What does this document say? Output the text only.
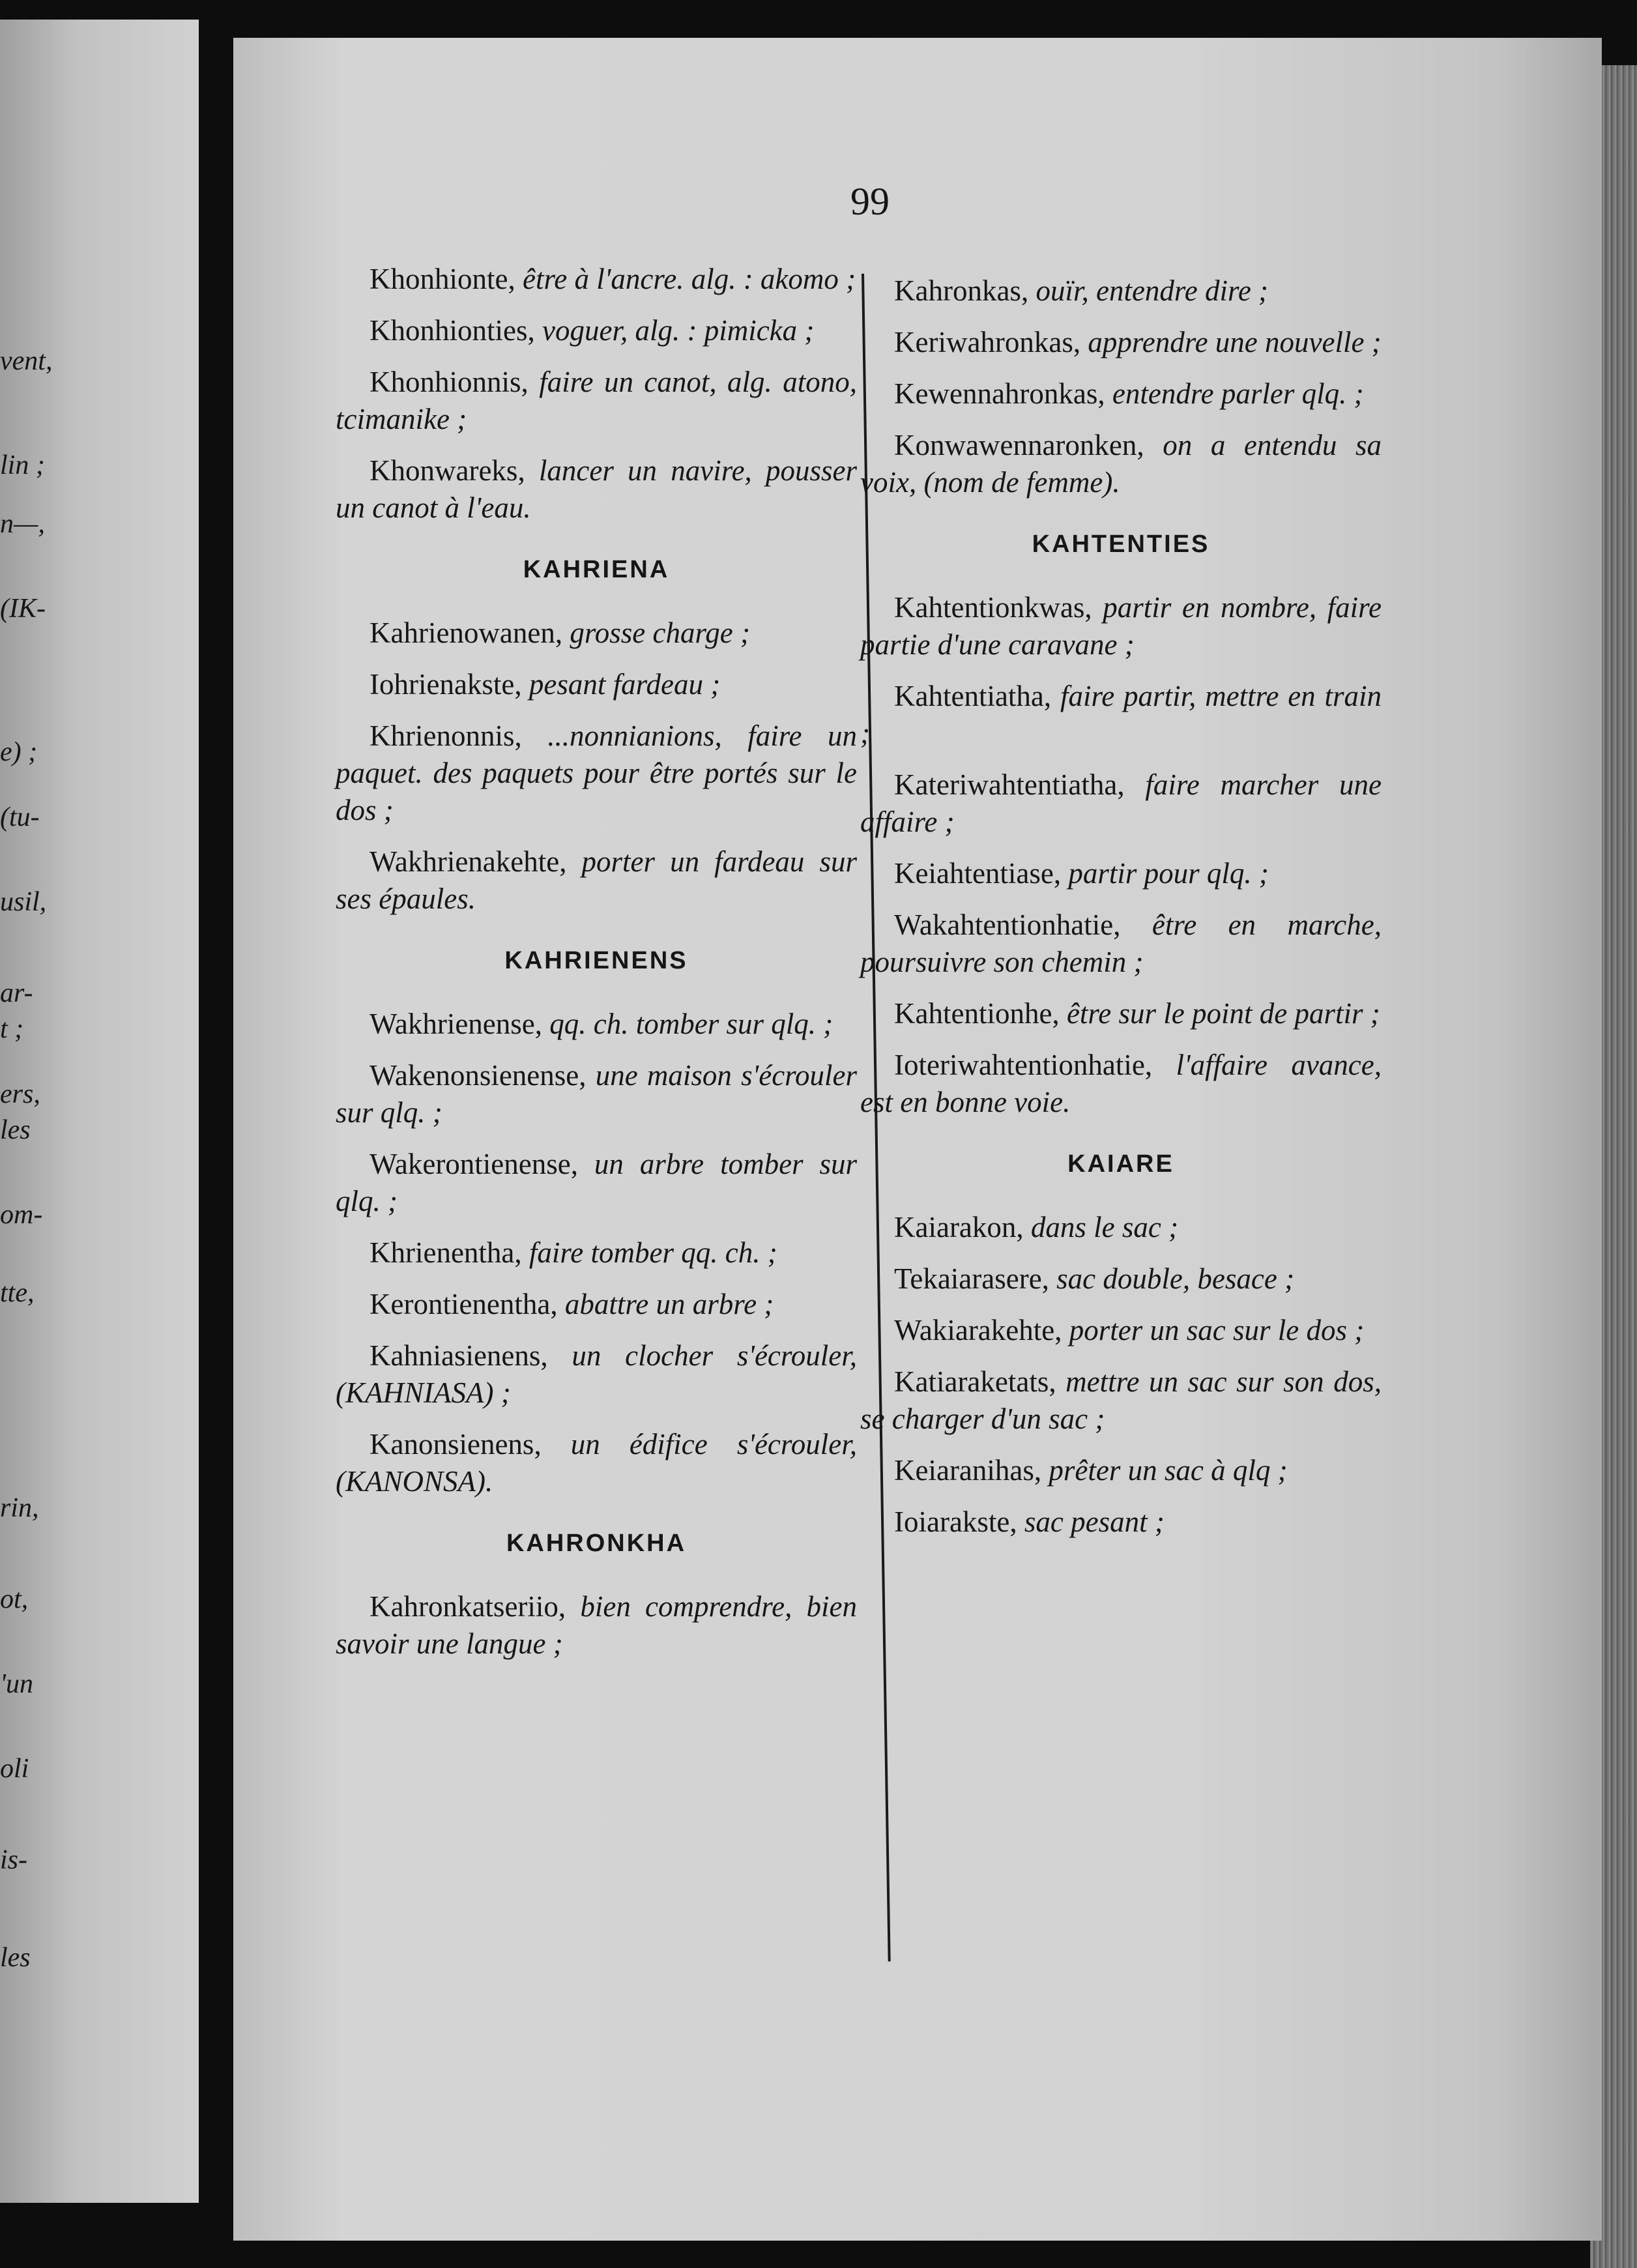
vent,
lin ;
n—,
(IK-
e) ;
(tu-
usil,
ar-
t ;
ers,
les
om-
tte,
rin,
ot,
'un
oli
is-
les
99
Khonhionte, être à l'ancre. alg. : akomo ;
Khonhionties, voguer, alg. : pimicka ;
Khonhionnis, faire un canot, alg. atono, tcimanike ;
Khonwareks, lancer un navire, pousser un canot à l'eau.
KAHRIENA
Kahrienowanen, grosse charge ;
Iohrienakste, pesant fardeau ;
Khrienonnis, ...nonnianions, faire un paquet. des paquets pour être portés sur le dos ;
Wakhrienakehte, porter un fardeau sur ses épaules.
KAHRIENENS
Wakhrienense, qq. ch. tomber sur qlq. ;
Wakenonsienense, une maison s'écrouler sur qlq. ;
Wakerontienense, un arbre tomber sur qlq. ;
Khrienentha, faire tomber qq. ch. ;
Kerontienentha, abattre un arbre ;
Kahniasienens, un clocher s'écrouler, (KAHNIASA) ;
Kanonsienens, un édifice s'écrouler, (KANONSA).
KAHRONKHA
Kahronkatseriio, bien comprendre, bien savoir une langue ;
Kahronkas, ouïr, entendre dire ;
Keriwahronkas, apprendre une nouvelle ;
Kewennahronkas, entendre parler qlq. ;
Konwawennaronken, on a entendu sa voix, (nom de femme).
KAHTENTIES
Kahtentionkwas, partir en nombre, faire partie d'une caravane ;
Kahtentiatha, faire partir, mettre en train ;
Kateriwahtentiatha, faire marcher une affaire ;
Keiahtentiase, partir pour qlq. ;
Wakahtentionhatie, être en marche, poursuivre son chemin ;
Kahtentionhe, être sur le point de partir ;
Ioteriwahtentionhatie, l'affaire avance, est en bonne voie.
KAIARE
Kaiarakon, dans le sac ;
Tekaiarasere, sac double, besace ;
Wakiarakehte, porter un sac sur le dos ;
Katiaraketats, mettre un sac sur son dos, se charger d'un sac ;
Keiaranihas, prêter un sac à qlq ;
Ioiarakste, sac pesant ;
